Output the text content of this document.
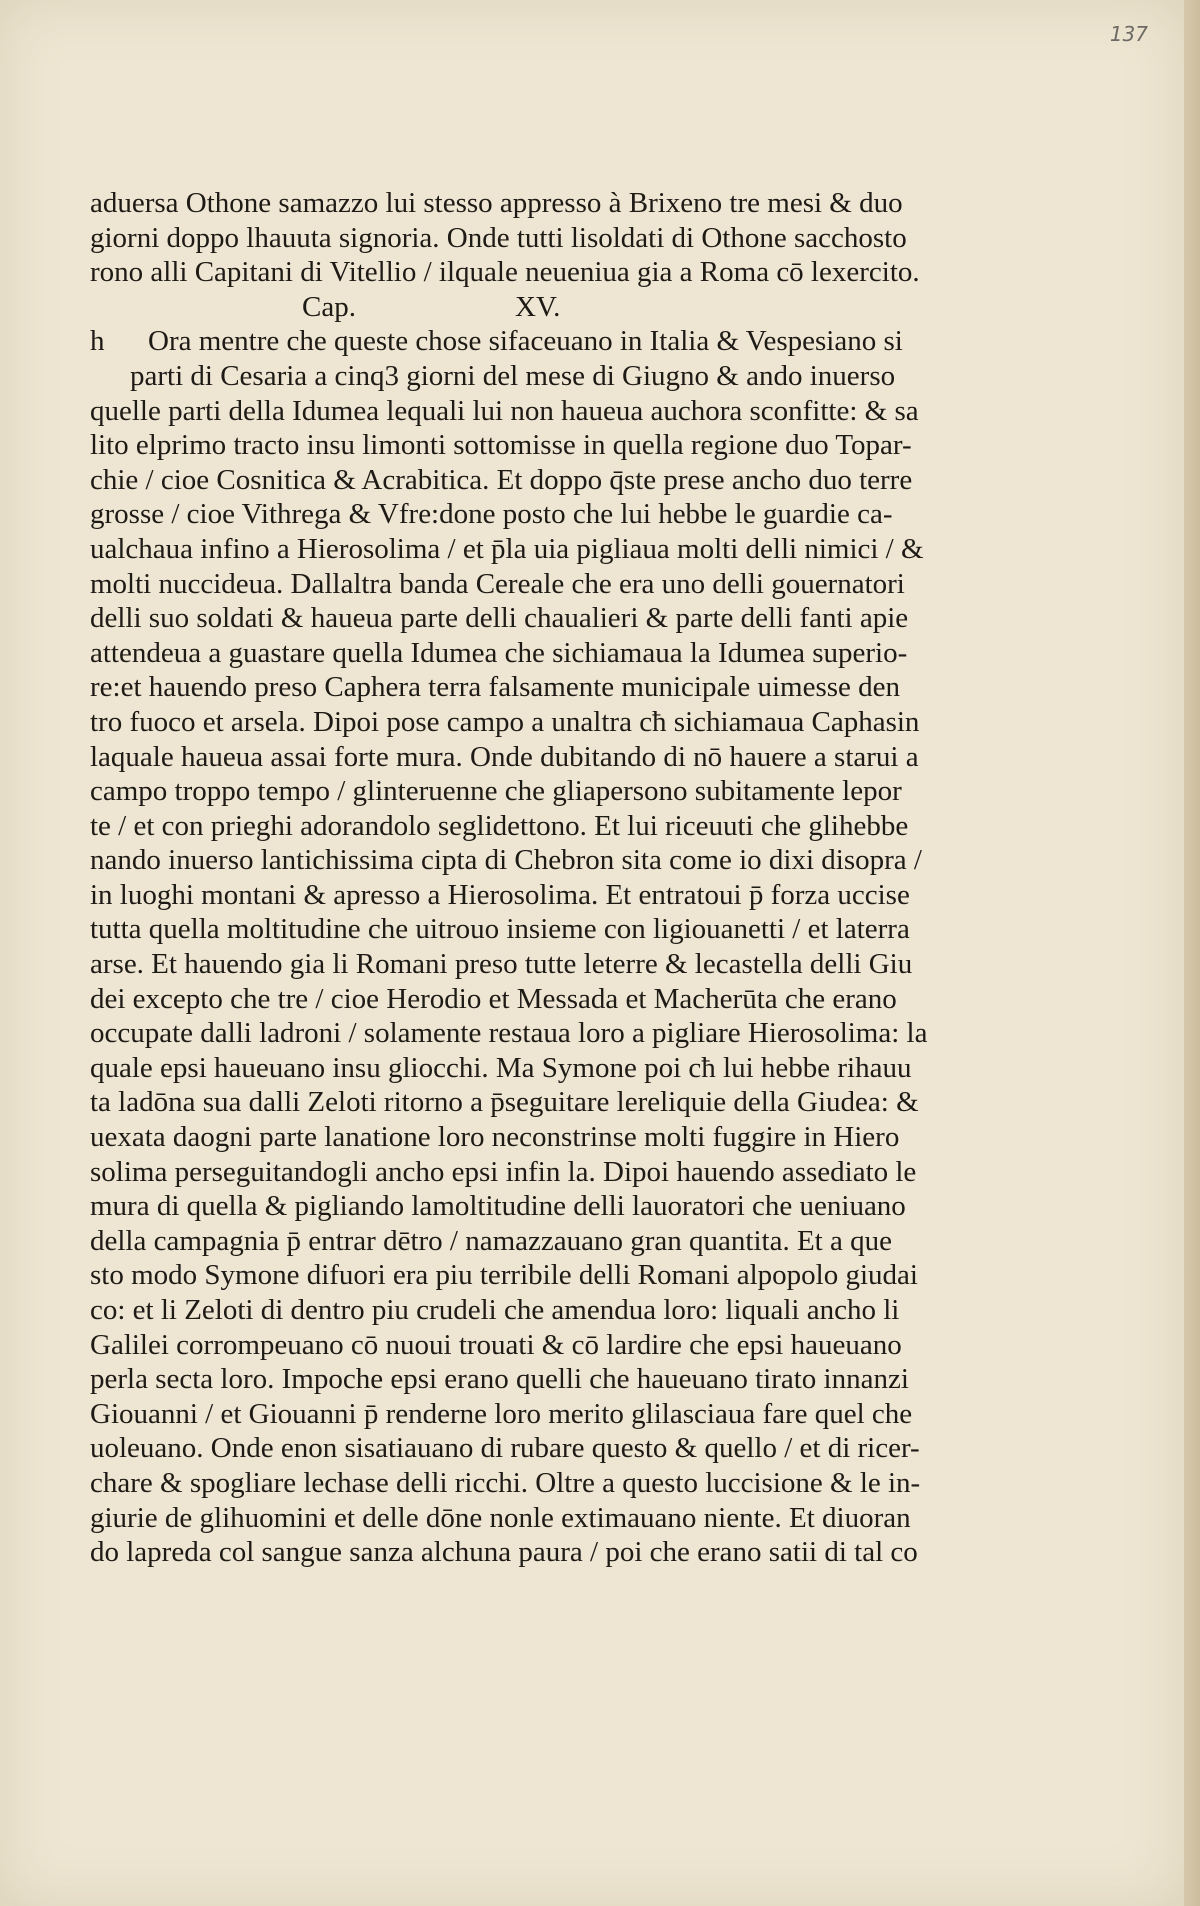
137
aduersa Othone samazzo lui stesso appresso à Brixeno tre mesi & duo
giorni doppo lhauuta signoria. Onde tutti lisoldati di Othone sacchosto
rono alli Capitani di Vitellio / ilquale neueniua gia a Roma cō lexercito.
Cap.	XV.
h Ora mentre che queste chose sifaceuano in Italia & Vespesiano si
parti di Cesaria a cinq3 giorni del mese di Giugno & ando inuerso
quelle parti della Idumea lequali lui non haueua auchora sconfitte: & sa
lito elprimo tracto insu limonti sottomisse in quella regione duo Topar-
chie / cioe Cosnitica & Acrabitica. Et doppo q̄ste prese ancho duo terre
grosse / cioe Vithrega & Vfre:done posto che lui hebbe le guardie ca-
ualchaua infino a Hierosolima / et p̄la uia pigliaua molti delli nimici / &
molti nuccideua. Dallaltra banda Cereale che era uno delli gouernatori
delli suo soldati & haueua parte delli chaualieri & parte delli fanti apie
attendeua a guastare quella Idumea che sichiamaua la Idumea superio-
re:et hauendo preso Caphera terra falsamente municipale uimesse den
tro fuoco et arsela. Dipoi pose campo a unaltra cħ sichiamaua Caphasin
laquale haueua assai forte mura. Onde dubitando di nō hauere a starui a
campo troppo tempo / glinteruenne che gliapersono subitamente lepor
te / et con prieghi adorandolo seglidettono. Et lui riceuuti che glihebbe
nando inuerso lantichissima cipta di Chebron sita come io dixi disopra /
in luoghi montani & apresso a Hierosolima. Et entratoui p̄ forza uccise
tutta quella moltitudine che uitrouo insieme con ligiouanetti / et laterra
arse. Et hauendo gia li Romani preso tutte leterre & lecastella delli Giu
dei excepto che tre / cioe Herodio et Messada et Macherūta che erano
occupate dalli ladroni / solamente restaua loro a pigliare Hierosolima: la
quale epsi haueuano insu gliocchi. Ma Symone poi cħ lui hebbe rihauu
ta ladōna sua dalli Zeloti ritorno a p̄seguitare lereliquie della Giudea: &
uexata daogni parte lanatione loro neconstrinse molti fuggire in Hiero
solima perseguitandogli ancho epsi infin la. Dipoi hauendo assediato le
mura di quella & pigliando lamoltitudine delli lauoratori che ueniuano
della campagnia p̄ entrar dētro / namazzauano gran quantita. Et a que
sto modo Symone difuori era piu terribile delli Romani alpopolo giudai
co: et li Zeloti di dentro piu crudeli che amendua loro: liquali ancho li
Galilei corrompeuano cō nuoui trouati & cō lardire che epsi haueuano
perla secta loro. Impoche epsi erano quelli che haueuano tirato innanzi
Giouanni / et Giouanni p̄ renderne loro merito glilasciaua fare quel che
uoleuano. Onde enon sisatiauano di rubare questo & quello / et di ricer-
chare & spogliare lechase delli ricchi. Oltre a questo luccisione & le in-
giurie de glihuomini et delle dōne nonle extimauano niente. Et diuoran
do lapreda col sangue sanza alchuna paura / poi che erano satii di tal co
